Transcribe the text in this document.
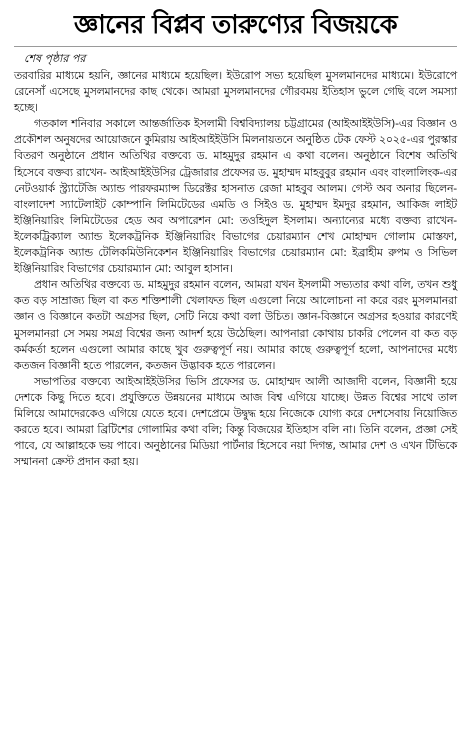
জ্ঞানের বিপ্লব তারুণ্যের বিজয়কে
শেষ পৃষ্ঠার পর

তরবারির মাধ্যমে হয়নি, জ্ঞানের মাধ্যমে হয়েছিল। ইউরোপ সভ্য হয়েছিল মুসলমানদের মাধ্যমে। ইউরোপে রেনেসাঁ এসেছে মুসলমানদের কাছ থেকে। আমরা মুসলমানদের গৌরবময় ইতিহাস ভুলে গেছি বলে সমস্যা হচ্ছে।

গতকাল শনিবার সকালে আন্তর্জাতিক ইসলামী বিশ্ববিদ্যালয় চট্টগ্রামের (আইআইইউসি)-এর বিজ্ঞান ও প্রকৌশল অনুষদের আয়োজনে কুমিরায় আইআইইউসি মিলনায়তনে অনুষ্ঠিত টেক ফেস্ট ২০২৫-এর পুরস্কার বিতরণ অনুষ্ঠানে প্রধান অতিথির বক্তব্যে ড. মাহমুদুর রহমান এ কথা বলেন। অনুষ্ঠানে বিশেষ অতিথি হিসেবে বক্তব্য রাখেন- আইআইইউসির ট্রেজারার প্রফেসর ড. মুহাম্মদ মাহবুবুর রহমান এবং বাংলালিংক-এর নেটওয়ার্ক স্ট্র্যাটেজি অ্যান্ড পারফরম্যান্স ডিরেক্টর হাসনাত রেজা মাহবুব আলম। গেস্ট অব অনার ছিলেন- বাংলাদেশ স্যাটেলাইট কোম্পানি লিমিটেডের এমডি ও সিইও ড. মুহাম্মদ ইমদুর রহমান, আকিজ লাইট ইঞ্জিনিয়ারিং লিমিটেডের হেড অব অপারেশন মো: তওহিদুল ইসলাম। অন্যান্যের মধ্যে বক্তব্য রাখেন- ইলেকট্রিক্যাল অ্যান্ড ইলেকট্রনিক ইঞ্জিনিয়ারিং বিভাগের চেয়ারম্যান শেখ মোহাম্মদ গোলাম মোস্তফা, ইলেকট্রনিক অ্যান্ড টেলিকমিউনিকেশন ইঞ্জিনিয়ারিং বিভাগের চেয়ারম্যান মো: ইব্রাহীম রুপম ও সিভিল ইঞ্জিনিয়ারিং বিভাগের চেয়ারম্যান মো: আবুল হাসান।

প্রধান অতিথির বক্তব্যে ড. মাহমুদুর রহমান বলেন, আমরা যখন ইসলামী সভ্যতার কথা বলি, তখন শুধু কত বড় সাম্রাজ্য ছিল বা কত শক্তিশালী খেলাফত ছিল এগুলো নিয়ে আলোচনা না করে বরং মুসলমানরা জ্ঞান ও বিজ্ঞানে কতটা অগ্রসর ছিল, সেটি নিয়ে কথা বলা উচিত। জ্ঞান-বিজ্ঞানে অগ্রসর হওয়ার কারণেই মুসলমানরা সে সময় সমগ্র বিশ্বের জন্য আদর্শ হয়ে উঠেছিল। আপনারা কোথায় চাকরি পেলেন বা কত বড় কর্মকর্তা হলেন এগুলো আমার কাছে খুব গুরুত্বপূর্ণ নয়। আমার কাছে গুরুত্বপূর্ণ হলো, আপনাদের মধ্যে কতজন বিজ্ঞানী হতে পারলেন, কতজন উদ্ভাবক হতে পারলেন।

সভাপতির বক্তব্যে আইআইইউসির ভিসি প্রফেসর ড. মোহাম্মদ আলী আজাদী বলেন, বিজ্ঞানী হয়ে দেশকে কিছু দিতে হবে। প্রযুক্তিতে উন্নয়নের মাধ্যমে আজ বিশ্ব এগিয়ে যাচ্ছে। উন্নত বিশ্বের সাথে তাল মিলিয়ে আমাদেরকেও এগিয়ে যেতে হবে। দেশপ্রেমে উদ্বুদ্ধ হয়ে নিজেকে যোগ্য করে দেশসেবায় নিয়োজিত করতে হবে। আমরা ব্রিটিশের গোলামির কথা বলি; কিন্তু বিজয়ের ইতিহাস বলি না। তিনি বলেন, প্রজ্ঞা সেই পাবে, যে আল্লাহকে ভয় পাবে। অনুষ্ঠানের মিডিয়া পার্টনার হিসেবে নয়া দিগন্ত, আমার দেশ ও এখন টিভিকে সম্মাননা ক্রেস্ট প্রদান করা হয়।
